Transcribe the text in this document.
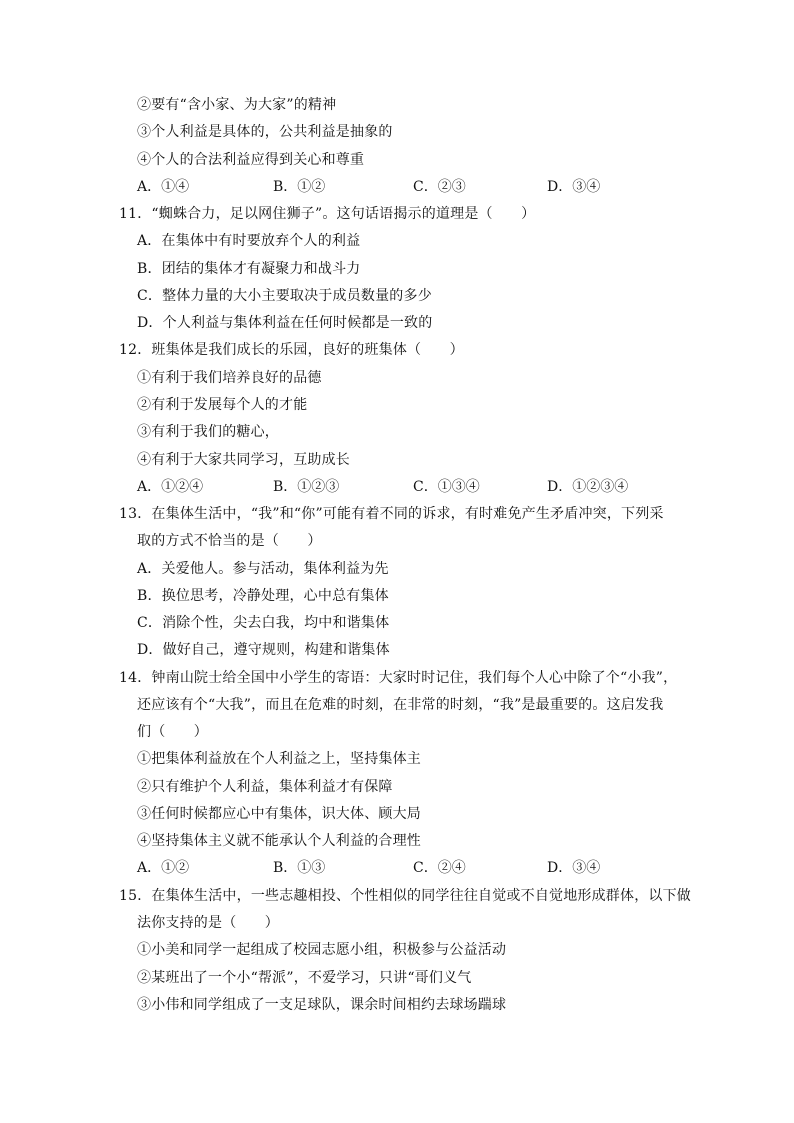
②要有“含小家、为大家”的精神
③个人利益是具体的，公共利益是抽象的
④个人的合法利益应得到关心和尊重
A．①④	B．①②	C．②③	D．③④
11．“蜘蛛合力，足以网住狮子”。这句话语揭示的道理是（　　）
A．在集体中有时要放弃个人的利益
B．团结的集体才有凝聚力和战斗力
C．整体力量的大小主要取决于成员数量的多少
D．个人利益与集体利益在任何时候都是一致的
12．班集体是我们成长的乐园，良好的班集体（　　）
①有利于我们培养良好的品德
②有利于发展每个人的才能
③有利于我们的糖心，
④有利于大家共同学习，互助成长
A．①②④	B．①②③	C．①③④	D．①②③④
13．在集体生活中，“我”和“你”可能有着不同的诉求，有时难免产生矛盾冲突，下列采
取的方式不恰当的是（　　）
A．关爱他人。参与活动，集体利益为先
B．换位思考，冷静处理，心中总有集体
C．消除个性，尖去白我，均中和谐集体
D．做好自己，遵守规则，构建和谐集体
14．钟南山院士给全国中小学生的寄语：大家时时记住，我们每个人心中除了个“小我”，
还应该有个“大我”，而且在危难的时刻，在非常的时刻，“我”是最重要的。这启发我
们（　　）
①把集体利益放在个人利益之上，坚持集体主
②只有维护个人利益，集体利益才有保障
③任何时候都应心中有集体，识大体、顾大局
④坚持集体主义就不能承认个人利益的合理性
A．①②	B．①③	C．②④	D．③④
15．在集体生活中，一些志趣相投、个性相似的同学往往自觉或不自觉地形成群体，以下做
法你支持的是（　　）
①小美和同学一起组成了校园志愿小组，积极参与公益活动
②某班出了一个小“帮派”，不爱学习，只讲“哥们义气
③小伟和同学组成了一支足球队，课余时间相约去球场踹球
